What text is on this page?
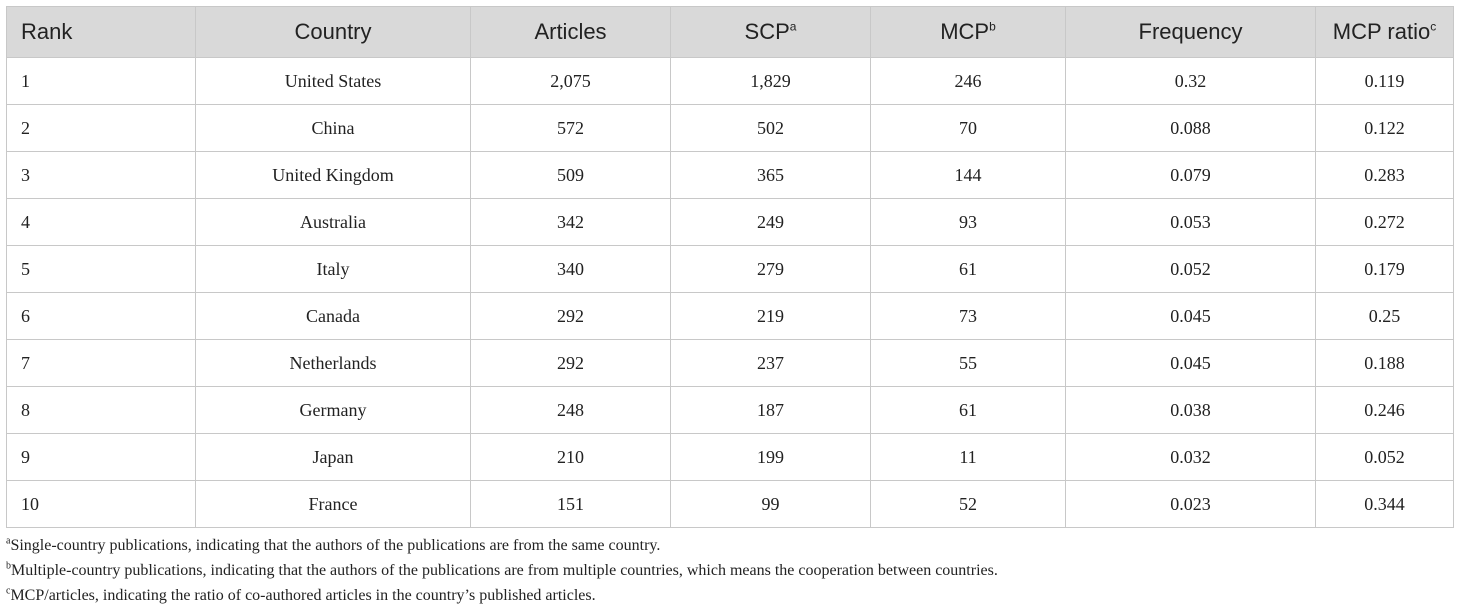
Rank	Country	Articles	SCP$^a$	MCP$^b$	Frequency	MCP ratio$^c$
1	United States	2,075	1,829	246	0.32	0.119
2	China	572	502	70	0.088	0.122
3	United Kingdom	509	365	144	0.079	0.283
4	Australia	342	249	93	0.053	0.272
5	Italy	340	279	61	0.052	0.179
6	Canada	292	219	73	0.045	0.25
7	Netherlands	292	237	55	0.045	0.188
8	Germany	248	187	61	0.038	0.246
9	Japan	210	199	11	0.032	0.052
10	France	151	99	52	0.023	0.344
$^a$Single-country publications, indicating that the authors of the publications are from the same country.
$^b$Multiple-country publications, indicating that the authors of the publications are from multiple countries, which means the cooperation between countries.
$^c$MCP/articles, indicating the ratio of co-authored articles in the country’s published articles.
